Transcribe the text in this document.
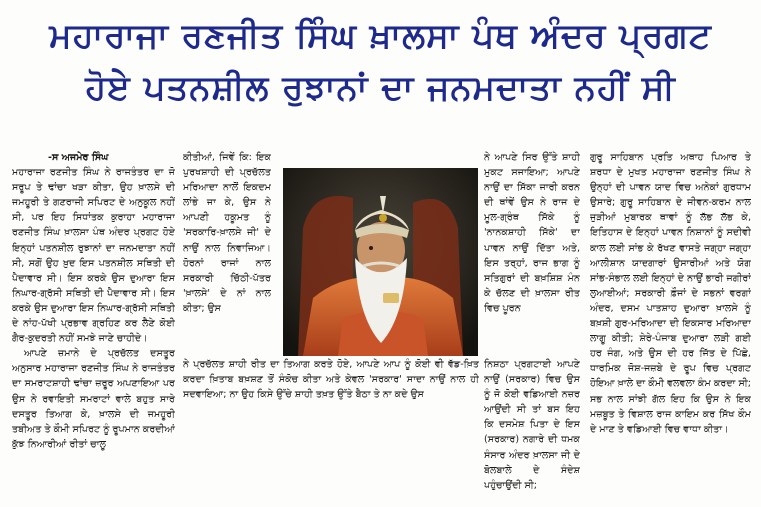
ਮਹਾਰਾਜਾ ਰਣਜੀਤ ਸਿੰਘ ਖ਼ਾਲਸਾ ਪੰਥ ਅੰਦਰ ਪ੍ਰਗਟ
ਹੋਏ ਪਤਨਸ਼ੀਲ ਰੁਝਾਨਾਂ ਦਾ ਜਨਮਦਾਤਾ ਨਹੀਂ ਸੀ

-ਸ ਅਜਮੇਰ ਸਿੰਘ

ਮਹਾਰਾਜਾ ਰਣਜੀਤ ਸਿੰਘ ਨੇ ਰਾਜਤੰਤਰ ਦਾ ਜੋ ਸਰੂਪ ਤੇ ਢਾਂਚਾ ਖੜਾ ਕੀਤਾ, ਉਹ ਖ਼ਾਲਸੇ ਦੀ ਜਮਹੂਰੀ ਤੇ ਗਣਰਾਜੀ ਸਪਿਰਟ ਦੇ ਅਨੁਕੂਲ ਨਹੀਂ ਸੀ, ਪਰ ਇਹ ਸਿਧਾਂਤਕ ਕੁਰਾਹਾ ਮਹਾਰਾਜਾ ਰਣਜੀਤ ਸਿੰਘ ਖ਼ਾਲਸਾ ਪੰਥ ਅੰਦਰ ਪ੍ਰਗਟ ਹੋਏ ਇਨ੍ਹਾਂ ਪਤਨਸ਼ੀਲ ਰੁਝਾਨਾਂ ਦਾ ਜਨਮਦਾਤਾ ਨਹੀਂ ਸੀ, ਸਗੋਂ ਉਹ ਖ਼ੁਦ ਇਸ ਪਤਨਸ਼ੀਲ ਸਥਿਤੀ ਦੀ ਪੈਦਾਵਾਰ ਸੀ। ਇਸ ਕਰਕੇ ਉਸ ਦੁਆਰਾ ਇਸ ਨਿਘਾਰ-ਗ੍ਰੱਸੀ ਸਥਿਤੀ ਦੀ ਪੈਦਾਵਾਰ ਸੀ। ਇਸ ਕਰਕੇ ਉਸ ਦੁਆਰਾ ਇਸ ਨਿਘਾਰ-ਗ੍ਰੱਸੀ ਸਥਿਤੀ ਦੇ ਨਾਂਹ-ਪੱਖੀ ਪ੍ਰਭਾਵ ਗ੍ਰਹਿਣ ਕਰ ਲੈਣੇ ਕੋਈ ਗੈਰ-ਕੁਦਰਤੀ ਨਹੀਂ ਸਮਝੇ ਜਾਣੇ ਚਾਹੀਦੇ।

ਆਪਣੇ ਜ਼ਮਾਨੇ ਦੇ ਪ੍ਰਚੱਲਤ ਦਸਤੂਰ ਅਨੁਸਾਰ ਮਹਾਰਾਜਾ ਰਣਜੀਤ ਸਿੰਘ ਨੇ ਰਾਜਤੰਤਰ ਦਾ ਸਮਰਾਟਸ਼ਾਹੀ ਢਾਂਚਾ ਜ਼ਰੂਰ ਅਪਣਾਇਆ ਪਰ ਉਸ ਨੇ ਰਵਾਇਤੀ ਸਮਰਾਟਾਂ ਵਾਲੇ ਬਹੁਤ ਸਾਰੇ ਦਸਤੂਰ ਤਿਆਗ ਕੇ, ਖ਼ਾਲਸੇ ਦੀ ਜਮਹੂਰੀ ਤਬੀਅਤ ਤੇ ਕੌਮੀ ਸਪਿਰਟ ਨੂੰ ਰੂਪਮਾਨ ਕਰਦੀਆਂ ਕੁੱਝ ਨਿਆਰੀਆਂ ਰੀਤਾਂ ਚਾਲੂ

ਕੀਤੀਆਂ, ਜਿਵੇਂ ਕਿ: ਇਕ ਪੁਰਖਸ਼ਾਹੀ ਦੀ ਪ੍ਰਚੱਲਤ ਮਰਿਆਦਾ ਨਾਲੋਂ ਇਕਦਮ ਲਾਂਭੇ ਜਾ ਕੇ, ਉਸ ਨੇ ਆਪਣੀ ਹਕੂਮਤ ਨੂੰ 'ਸਰਕਾਰਿ-ਖ਼ਾਲਸੇ ਜੀ' ਦੇ ਨਾਉਂ ਨਾਲ ਨਿਵਾਜਿਆ। ਹੋਰਨਾਂ ਰਾਜਾਂ ਨਾਲ ਸਰਕਾਰੀ ਚਿੱਠੀ-ਪੱਤਰ 'ਖ਼ਾਲਸੇ' ਦੇ ਨਾਂ ਨਾਲ ਕੀਤਾ; ਉਸ

ਨੇ ਆਪਣੇ ਸਿਰ ਉੱਤੇ ਸ਼ਾਹੀ ਮੁਕਟ ਸਜਾਇਆ; ਆਪਣੇ ਨਾਉਂ ਦਾ ਸਿੱਕਾ ਜਾਰੀ ਕਰਨ ਦੀ ਥਾਂਵੇਂ ਉਸ ਨੇ ਰਾਜ ਦੇ ਮੂਲ-ਗ੍ਰੰਥ ਸਿੱਕੇ ਨੂੰ 'ਨਾਨਕਸ਼ਾਹੀ ਸਿੱਕੇ' ਦਾ ਪਾਵਨ ਨਾਉਂ ਦਿੱਤਾ ਅਤੇ, ਇਸ ਤਰ੍ਹਾਂ, ਰਾਜ ਭਾਗ ਨੂੰ ਸਤਿਗੁਰਾਂ ਦੀ ਬਖ਼ਸ਼ਿਸ਼ ਮੰਨ ਕੇ ਚੱਲਣ ਦੀ ਖ਼ਾਲਸਾ ਰੀਤ ਵਿਚ ਪੂਰਨ

ਨੇ ਪ੍ਰਚੱਲਤ ਸ਼ਾਹੀ ਰੀਤ ਦਾ ਤਿਆਗ ਕਰਤੇ ਹੋਏ, ਆਪਣੇ ਆਪ ਨੂੰ ਕੋਈ ਵੀ ਵੱਡ-ਖ਼ਿਤ ਕਰਦਾ ਖ਼ਿਤਾਬ ਬਖ਼ਸ਼ਣ ਤੋਂ ਸੰਕੋਚ ਕੀਤਾ ਅਤੇ ਕੇਵਲ 'ਸਰਕਾਰ' ਸਾਦਾ ਨਾਉਂ ਨਾਲ ਹੀ ਸਦਵਾਇਆ; ਨਾ ਉਹ ਕਿਸੇ ਉੱਚੇ ਸ਼ਾਹੀ ਤਖ਼ਤ ਉੱਤੇ ਬੈਠਾ ਤੇ ਨਾ ਕਦੇ ਉਸ
ਨਿਸ਼ਠਾ ਪ੍ਰਗਟਾਈ ਆਪਣੇ ਨਾਉਂ (ਸਰਕਾਰ) ਵਿਚ ਉਸ ਨੂੰ ਜੋ ਕੋਈ ਵਡਿਆਈ ਨਜ਼ਰ ਆਉਂਦੀ ਸੀ ਤਾਂ ਬਸ ਇਹ ਕਿ ਦਸਮੇਸ਼ ਪਿਤਾ ਦੇ ਇਸ (ਸਰਕਾਰ) ਨਗਾਰੇ ਦੀ ਧਮਕ ਸੰਸਾਰ ਅੰਦਰ ਖ਼ਾਲਸਾ ਜੀ ਦੇ ਬੋਲਬਾਲੇ ਦੇ ਸੰਦੇਸ਼ ਪਹੁੰਚਾਉਂਦੀ ਸੀ;

ਗੁਰੂ ਸਾਹਿਬਾਨ ਪ੍ਰਤਿ ਅਥਾਹ ਪਿਆਰ ਤੇ ਸ਼ਰਧਾ ਦੇ ਮੁਖਤ ਮਹਾਰਾਜਾ ਰਣਜੀਤ ਸਿੰਘ ਨੇ ਉਨ੍ਹਾਂ ਦੀ ਪਾਵਨ ਯਾਦ ਵਿਚ ਅਨੇਕਾਂ ਗੁਰਧਾਮ ਉਸਾਰੇ; ਗੁਰੂ ਸਾਹਿਬਾਨ ਦੇ ਜੀਵਨ-ਕਰਮ ਨਾਲ ਜੁੜੀਆਂ ਮੁਬਾਰਕ ਥਾਵਾਂ ਨੂੰ ਲੱਭ ਲੱਭ ਕੇ, ਇਤਿਹਾਸ ਦੇ ਇਨ੍ਹਾਂ ਪਾਵਨ ਨਿਸ਼ਾਨਾਂ ਨੂੰ ਸਦੀਵੀ ਕਾਲ ਲਈ ਸਾਂਭ ਕੇ ਰੱਖਣ ਵਾਸਤੇ ਜਗ੍ਹਾ ਜਗ੍ਹਾ ਆਲੀਸ਼ਾਨ ਯਾਦਗਾਰਾਂ ਉਸਾਰੀਆਂ ਅਤੇ ਯੋਗ ਸਾਂਭ-ਸੰਭਾਲ ਲਈ ਇਨ੍ਹਾਂ ਦੇ ਨਾਉਂ ਭਾਰੀ ਜਗੀਰਾਂ ਲੁਆਈਆਂ; ਸਰਕਾਰੀ ਫ਼ੌਜਾਂ ਦੇ ਸਭਨਾਂ ਵਰਗਾਂ ਅੰਦਰ, ਦਸਮ ਪਾਤਸ਼ਾਹ ਦੁਆਰਾ ਖ਼ਾਲਸੇ ਨੂੰ ਬਖ਼ਸ਼ੀ ਗੁਰ-ਮਰਿਆਦਾ ਦੀ ਇਕਸਾਰ ਮਰਿਆਦਾ ਲਾਗੂ ਕੀਤੀ; ਸ਼ੇਰੇ-ਪੰਜਾਬ ਦੁਆਰਾ ਲੜੀ ਗਈ ਹਰ ਜੰਗ, ਅਤੇ ਉਸ ਦੀ ਹਰ ਜਿੱਤ ਦੇ ਪਿੱਛੇ, ਧਾਰਮਿਕ ਜੋਸ਼-ਜਜ਼ਬੇ ਦੇ ਰੂਪ ਵਿਚ ਪ੍ਰਗਟ ਹੋਇਆ ਖ਼ਾਲੇ ਦਾ ਕੌਮੀ ਵਲਵਲਾ ਕੰਮ ਕਰਦਾ ਸੀ; ਸਭ ਨਾਲ ਸਾਂਝੀ ਗੱਲ ਇਹ ਕਿ ਉਸ ਨੇ ਇਕ ਮਜ਼ਬੂਤ ਤੇ ਵਿਸ਼ਾਲ ਰਾਜ ਕਾਇਮ ਕਰ ਸਿੱਖ ਕੌਮ ਦੇ ਮਾਣ ਤੇ ਵਡਿਆਈ ਵਿਚ ਵਾਧਾ ਕੀਤਾ।
